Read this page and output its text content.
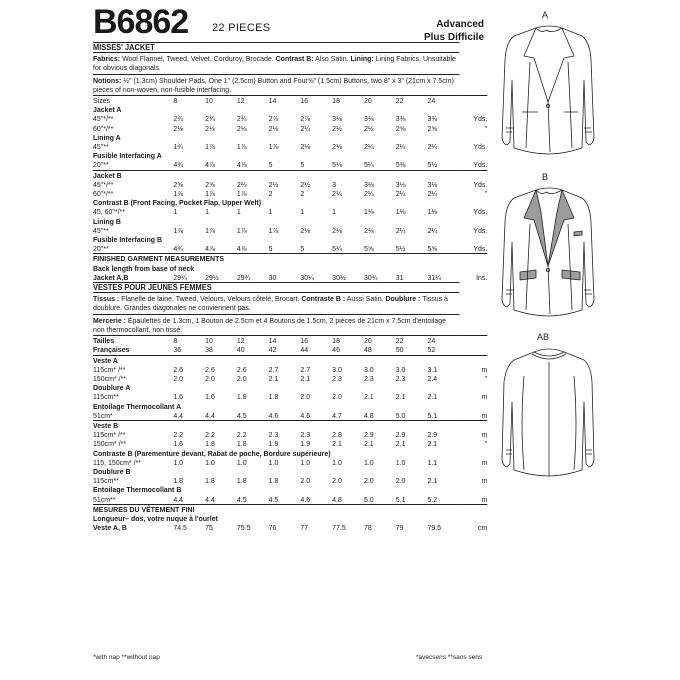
B6862 22 PIECES	Advanced
Plus Difficile
MISSES' JACKET
Fabrics: Wool Flannel, Tweed, Velvet, Corduroy, Brocade. Contrast B: Also Satin. Lining: Lining Fabrics. Unsuitable for obvious diagonals.
Notions: ½" (1.3cm) Shoulder Pads, One 1" (2.5cm) Button and Four⅝" (1.5cm) Buttons, two 8" x 3" (21cm x 7.5cm) pieces of non-woven, non-fusible interfacing.
Sizes	8	10	12	14	16	18	20	22	24	
Jacket A										
45"*/**	2¾	2¾	2¾	2⅞	2⅞	3⅛	3⅛	3⅜	3⅜	Yds.
60"*/**	2⅛	2⅛	2⅛	2⅛	2¼	2½	2½	2⅝	2⅝	"
Lining A										
45"**	1¾	1⅞	1⅞	1⅞	2⅛	2⅛	2¼	2¼	2¼	Yds.
Fusible Interfacing A										
20"**	4¾	4⅞	4⅞	5	5	5⅛	5¼	5⅜	5½	Yds.
Jacket B										
45"*/**	2⅝	2⅝	2⅔	2½	2½	3	3⅛	3⅛	3⅛	Yds.
60"*/**	1⅞	1⅞	1⅞	2	2	2¼	2¼	2¼	2¼	"
Contrast B (Front Facing, Pocket Flap, Upper Welt)										
45, 60"*/**	1	1	1	1	1	1	1⅛	1⅛	1⅛	Yds.
Lining B										
45"**	1⅞	1⅞	1⅞	1⅞	2⅛	2⅛	2⅛	2¼	2¼	Yds.
Fusible Interfacing B										
20"**	4¾	4⅞	4⅞	5	5	5¼	5⅝	5½	5⅝	Yds.
FINISHED GARMENT MEASUREMENTS										
Back length from base of neck										
Jacket A,B	29¼	29½	29¾	30	30¼	30½	30¾	31	31¼	Ins.
VESTES POUR JEUNES FEMMES
Tissus : Flanelle de laine, Tweed, Velours, Velours côtelé, Brocart. Contraste B : Aussi Satin. Doublure : Tissus à doublure. Grandes diagonales ne conviennent pas.
Mercerie : Épaulettes de 1.3cm, 1 Bouton de 2.5cm et 4 Boutons de 1.5cm, 2 pièces de 21cm x 7.5cm d'entoilage non thermocollant, non tissé.
Tailles	8	10	12	14	16	18	20	22	24	
Françaises	36	38	40	42	44	46	48	50	52	
Veste A										
115cm* /**	2.6	2.6	2.6	2.7	2.7	3.0	3.0	3.0	3.1	m
150cm* /**	2.0	2.0	2.0	2.1	2.1	2.3	2.3	2.3	2.4	"
Doublure A										
115cm**	1.6	1.6	1.8	1.8	2.0	2.0	2.1	2.1	2.1	m
Entoilage Thermocollant A										
51cm*	4.4	4.4	4.5	4.6	4.6	4.7	4.8	5.0	5.1	m
Veste B										
115cm* /**	2.2	2.2	2.2	2.3	2.3	2.8	2.9	2.9	2.9	m
150cm* /**	1.6	1.8	1.8	1.9	1.9	2.1	2.1	2.1	2.1	"
Contraste B (Parementure devant, Rabat de poche, Bordure supérieure)										
115, 150cm* /**	1.0	1.0	1.0	1.0	1.0	1.0	1.0	1.0	1.1	m
Doublure B										
115cm**	1.8	1.8	1.8	1.8	2.0	2.0	2.0	2.0	2.1	m
Entoilage Thermocollant B										
51cm**	4.4	4.4	4.5	4.5	4.6	4.8	5.0	5.1	5.2	m
MESURES DU VÊTEMENT FINI										
Longueur– dos, votre nuque à l'ourlet										
Veste A, B	74.5	75	75.5	76	77	77.5	78	79	79.5	cm
*with nap **without nap	*avecsens **sans sens
A
B
AB
